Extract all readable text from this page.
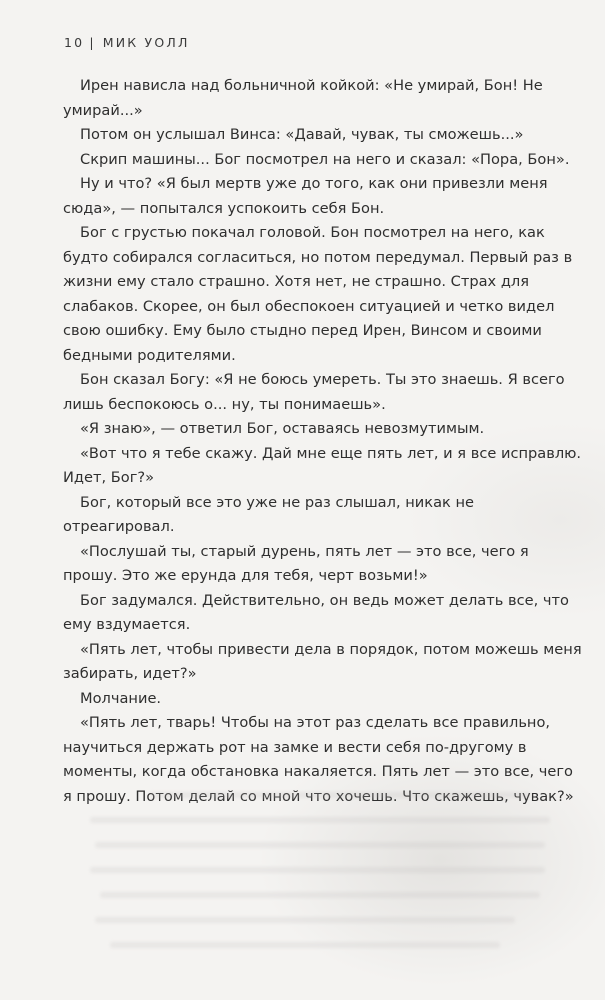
10 | МИК УОЛЛ

Ирен нависла над больничной койкой: «Не умирай, Бон! Не умирай...»

Потом он услышал Винса: «Давай, чувак, ты сможешь...»

Скрип машины... Бог посмотрел на него и сказал: «Пора, Бон».

Ну и что? «Я был мертв уже до того, как они привезли меня сюда», — попытался успокоить себя Бон.

Бог с грустью покачал головой. Бон посмотрел на него, как будто собирался согласиться, но потом передумал. Первый раз в жизни ему стало страшно. Хотя нет, не страшно. Страх для слабаков. Скорее, он был обеспокоен ситуацией и четко видел свою ошибку. Ему было стыдно перед Ирен, Винсом и своими бедными родителями.

Бон сказал Богу: «Я не боюсь умереть. Ты это знаешь. Я всего лишь беспокоюсь о... ну, ты понимаешь».

«Я знаю», — ответил Бог, оставаясь невозмутимым.

«Вот что я тебе скажу. Дай мне еще пять лет, и я все исправлю. Идет, Бог?»

Бог, который все это уже не раз слышал, никак не отреагировал.

«Послушай ты, старый дурень, пять лет — это все, чего я прошу. Это же ерунда для тебя, черт возьми!»

Бог задумался. Действительно, он ведь может делать все, что ему вздумается.

«Пять лет, чтобы привести дела в порядок, потом можешь меня забирать, идет?»

Молчание.

«Пять лет, тварь! Чтобы на этот раз сделать все правильно, научиться держать рот на замке и вести себя по-другому в моменты, когда обстановка накаляется. Пять лет — это все, чего я прошу. Потом делай со мной что хочешь. Что скажешь, чувак?»
